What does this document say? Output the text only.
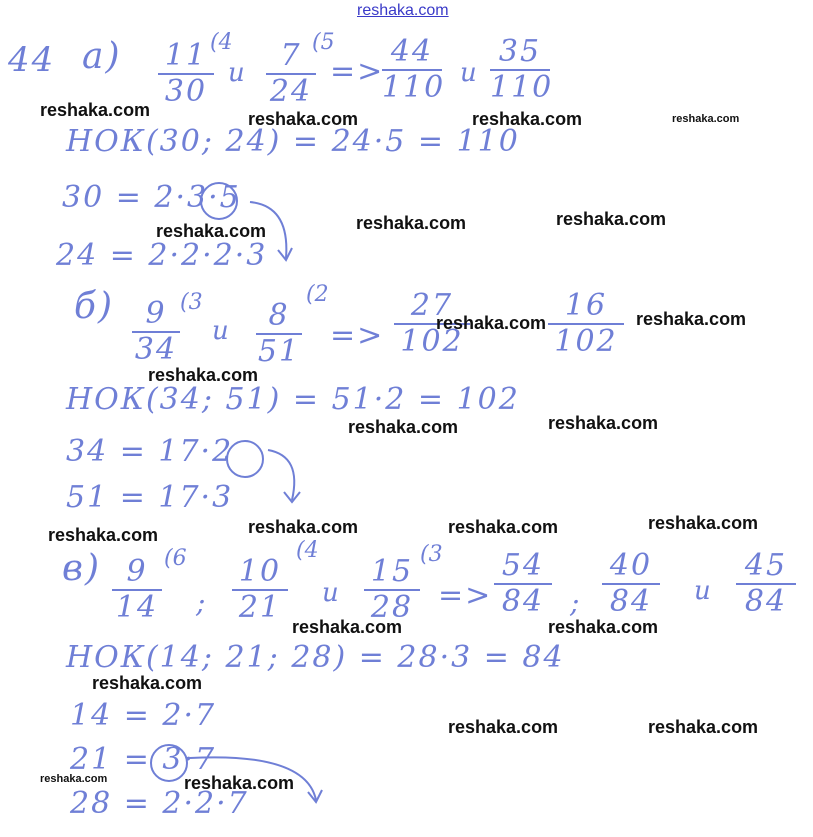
reshaka.com
44 а) 11
30
(4
и	7
24
(5
=>
44
110 и
35
110
НОК(30; 24) = 24·5 = 110
30 = 2·3·5
24 = 2·2·2·3
б)	9
34
(3
и	8
51
(2
=>
27
102
16
102
НОК(34; 51) = 51·2 = 102
34 = 17·2
51 = 17·3
в) 9
14
(6
;
10
21
(4
и
15
28
(3
=>
54
84 ;
40
84	и
45
84
НОК(14; 21; 28) = 28·3 = 84
14 = 2·7
21 = 3·7
28 = 2·2·7
reshaka.com	reshaka.com	reshaka.com	reshaka.com
reshaka.com	reshaka.com	reshaka.com
reshaka.com	reshaka.com
reshaka.com
reshaka.com	reshaka.com
reshaka.com	reshaka.com	reshaka.com	reshaka.com
reshaka.com	reshaka.com
reshaka.com
reshaka.com	reshaka.com
reshaka.com	reshaka.com
